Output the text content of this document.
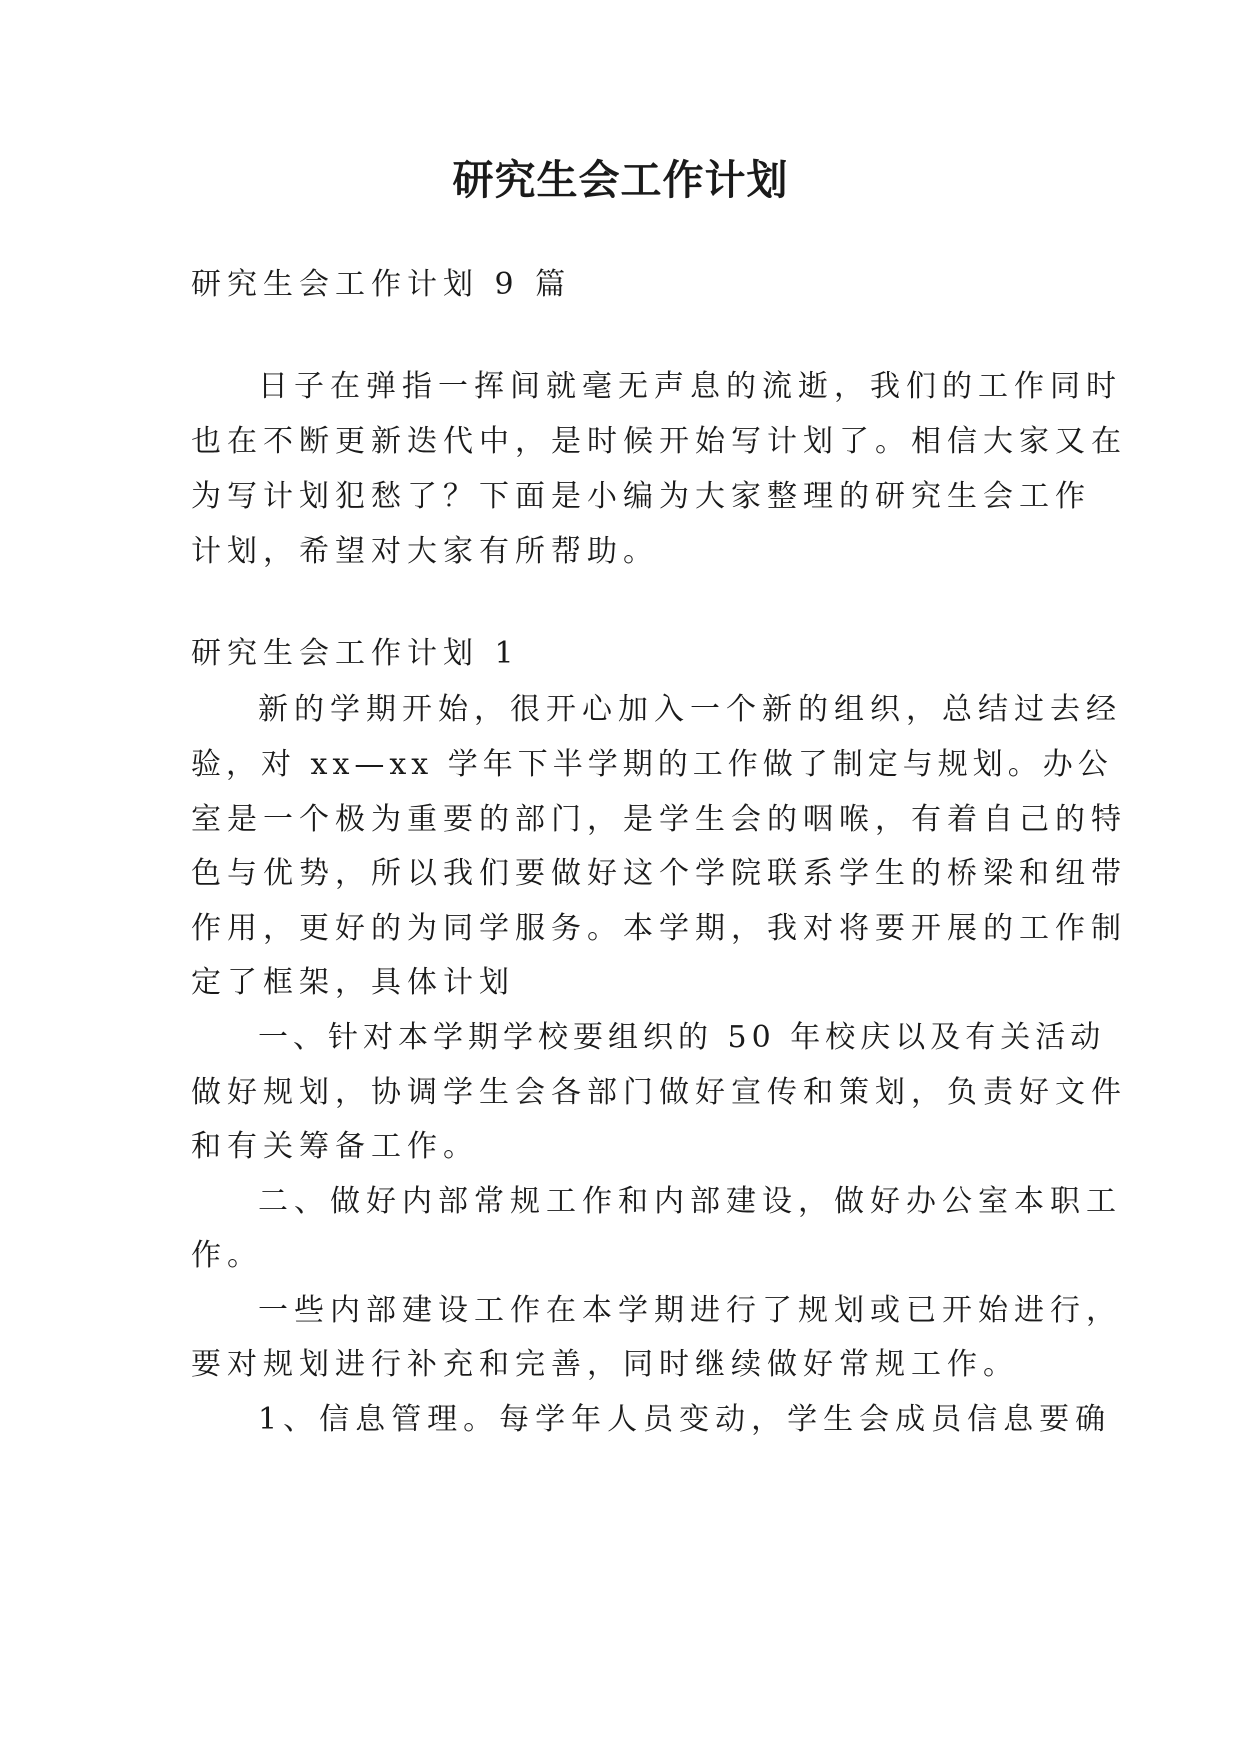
研究生会工作计划
研究生会工作计划 9 篇
日子在弹指一挥间就毫无声息的流逝，我们的工作同时
也在不断更新迭代中，是时候开始写计划了。相信大家又在
为写计划犯愁了？下面是小编为大家整理的研究生会工作
计划，希望对大家有所帮助。
研究生会工作计划 1
新的学期开始，很开心加入一个新的组织，总结过去经
验，对 xx—xx 学年下半学期的工作做了制定与规划。办公
室是一个极为重要的部门，是学生会的咽喉，有着自己的特
色与优势，所以我们要做好这个学院联系学生的桥梁和纽带
作用，更好的为同学服务。本学期，我对将要开展的工作制
定了框架，具体计划
一、针对本学期学校要组织的 50 年校庆以及有关活动
做好规划，协调学生会各部门做好宣传和策划，负责好文件
和有关筹备工作。
二、做好内部常规工作和内部建设，做好办公室本职工
作。
一些内部建设工作在本学期进行了规划或已开始进行，
要对规划进行补充和完善，同时继续做好常规工作。
1、信息管理。每学年人员变动，学生会成员信息要确
